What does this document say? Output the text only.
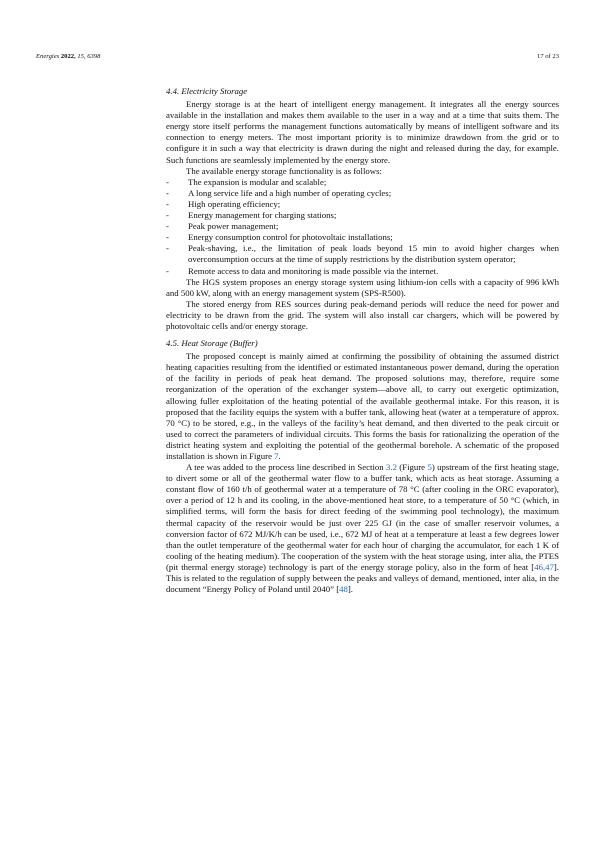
Energies 2022, 15, 6398	17 of 23
4.4. Electricity Storage

Energy storage is at the heart of intelligent energy management. It integrates all the energy sources available in the installation and makes them available to the user in a way and at a time that suits them. The energy store itself performs the management functions automatically by means of intelligent software and its connection to energy meters. The most important priority is to minimize drawdown from the grid or to configure it in such a way that electricity is drawn during the night and released during the day, for example. Such functions are seamlessly implemented by the energy store.

The available energy storage functionality is as follows:

-	The expansion is modular and scalable;
-	A long service life and a high number of operating cycles;
-	High operating efficiency;
-	Energy management for charging stations;
-	Peak power management;
-	Energy consumption control for photovoltaic installations;
-	Peak-shaving, i.e., the limitation of peak loads beyond 15 min to avoid higher charges when overconsumption occurs at the time of supply restrictions by the distribution system operator;
-	Remote access to data and monitoring is made possible via the internet.

The HGS system proposes an energy storage system using lithium-ion cells with a capacity of 996 kWh and 500 kW, along with an energy management system (SPS-R500).

The stored energy from RES sources during peak-demand periods will reduce the need for power and electricity to be drawn from the grid. The system will also install car chargers, which will be powered by photovoltaic cells and/or energy storage.

4.5. Heat Storage (Buffer)

The proposed concept is mainly aimed at confirming the possibility of obtaining the assumed district heating capacities resulting from the identified or estimated instantaneous power demand, during the operation of the facility in periods of peak heat demand. The proposed solutions may, therefore, require some reorganization of the operation of the exchanger system—above all, to carry out exergetic optimization, allowing fuller exploitation of the heating potential of the available geothermal intake. For this reason, it is proposed that the facility equips the system with a buffer tank, allowing heat (water at a temperature of approx. 70 °C) to be stored, e.g., in the valleys of the facility’s heat demand, and then diverted to the peak circuit or used to correct the parameters of individual circuits. This forms the basis for rationalizing the operation of the district heating system and exploiting the potential of the geothermal borehole. A schematic of the proposed installation is shown in Figure 7.

A tee was added to the process line described in Section 3.2 (Figure 5) upstream of the first heating stage, to divert some or all of the geothermal water flow to a buffer tank, which acts as heat storage. Assuming a constant flow of 160 t/h of geothermal water at a temperature of 78 °C (after cooling in the ORC evaporator), over a period of 12 h and its cooling, in the above-mentioned heat store, to a temperature of 50 °C (which, in simplified terms, will form the basis for direct feeding of the swimming pool technology), the maximum thermal capacity of the reservoir would be just over 225 GJ (in the case of smaller reservoir volumes, a conversion factor of 672 MJ/K/h can be used, i.e., 672 MJ of heat at a temperature at least a few degrees lower than the outlet temperature of the geothermal water for each hour of charging the accumulator, for each 1 K of cooling of the heating medium). The cooperation of the system with the heat storage using, inter alia, the PTES (pit thermal energy storage) technology is part of the energy storage policy, also in the form of heat [46,47]. This is related to the regulation of supply between the peaks and valleys of demand, mentioned, inter alia, in the document “Energy Policy of Poland until 2040” [48].
